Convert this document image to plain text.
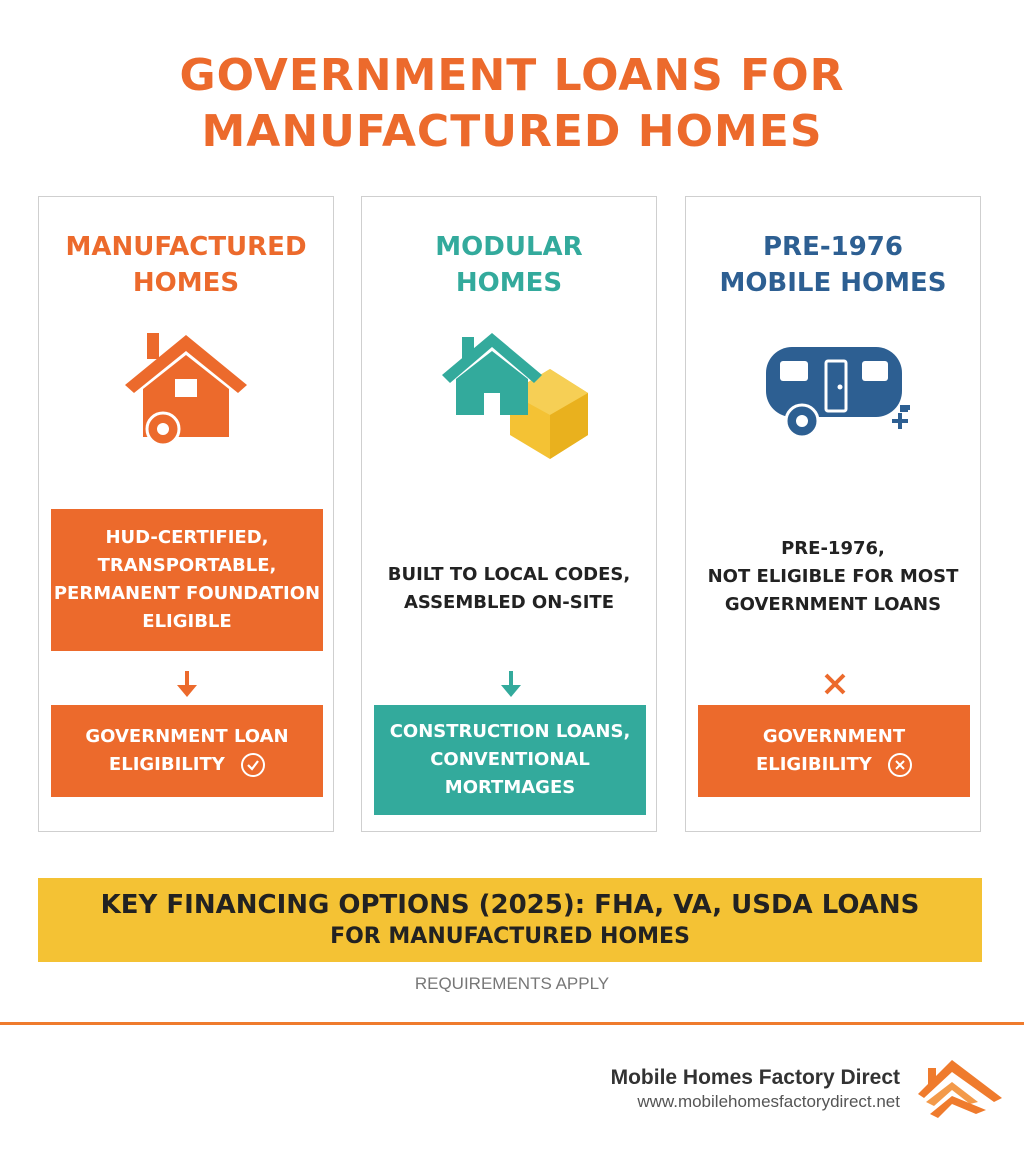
GOVERNMENT LOANS FOR
MANUFACTURED HOMES
MANUFACTURED
HOMES
HUD-CERTIFIED,
TRANSPORTABLE,
PERMANENT FOUNDATION
ELIGIBLE
GOVERNMENT LOAN
ELIGIBILITY
MODULAR
HOMES
BUILT TO LOCAL CODES,
ASSEMBLED ON-SITE
CONSTRUCTION LOANS,
CONVENTIONAL
MORTMAGES
PRE-1976
MOBILE HOMES
PRE-1976,
NOT ELIGIBLE FOR MOST
GOVERNMENT LOANS
GOVERNMENT
ELIGIBILITY
KEY FINANCING OPTIONS (2025): FHA, VA, USDA LOANS
FOR MANUFACTURED HOMES
REQUIREMENTS APPLY
Mobile Homes Factory Direct
www.mobilehomesfactorydirect.net
